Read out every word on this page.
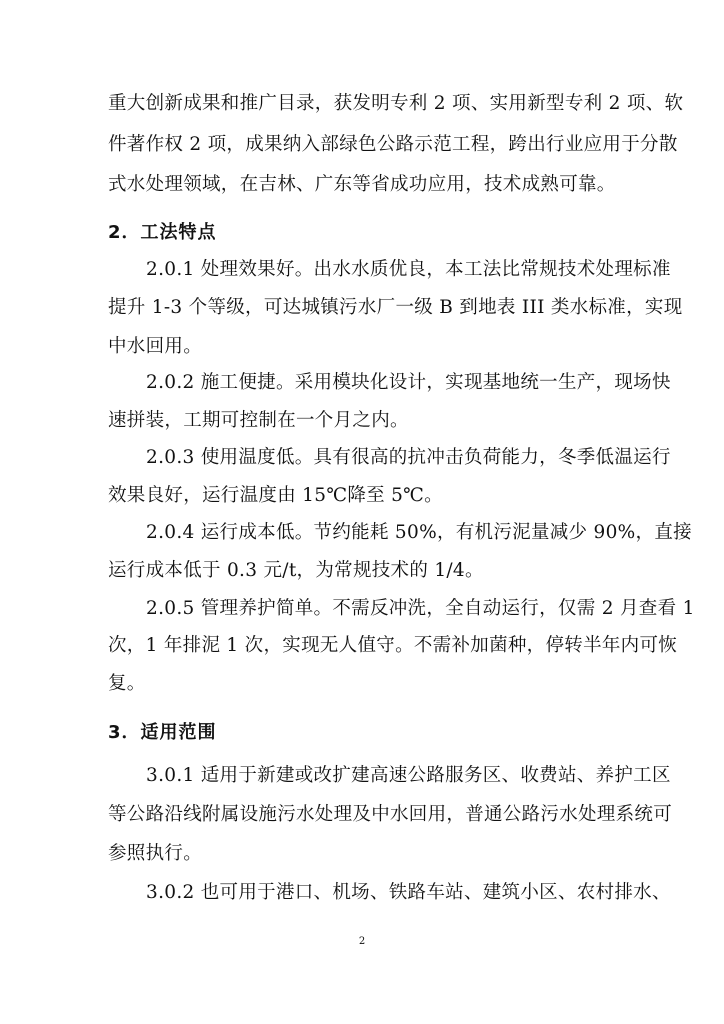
重大创新成果和推广目录，获发明专利 2 项、实用新型专利 2 项、软
件著作权 2 项，成果纳入部绿色公路示范工程，跨出行业应用于分散
式水处理领域，在吉林、广东等省成功应用，技术成熟可靠。
2．工法特点
2.0.1 处理效果好。出水水质优良，本工法比常规技术处理标准
提升 1-3 个等级，可达城镇污水厂一级 B 到地表 III 类水标准，实现
中水回用。
2.0.2 施工便捷。采用模块化设计，实现基地统一生产，现场快
速拼装，工期可控制在一个月之内。
2.0.3 使用温度低。具有很高的抗冲击负荷能力，冬季低温运行
效果良好，运行温度由 15℃降至 5℃。
2.0.4 运行成本低。节约能耗 50%，有机污泥量减少 90%，直接
运行成本低于 0.3 元/t，为常规技术的 1/4。
2.0.5 管理养护简单。不需反冲洗，全自动运行，仅需 2 月查看 1
次，1 年排泥 1 次，实现无人值守。不需补加菌种，停转半年内可恢
复。
3．适用范围
3.0.1 适用于新建或改扩建高速公路服务区、收费站、养护工区
等公路沿线附属设施污水处理及中水回用，普通公路污水处理系统可
参照执行。
3.0.2 也可用于港口、机场、铁路车站、建筑小区、农村排水、
2
